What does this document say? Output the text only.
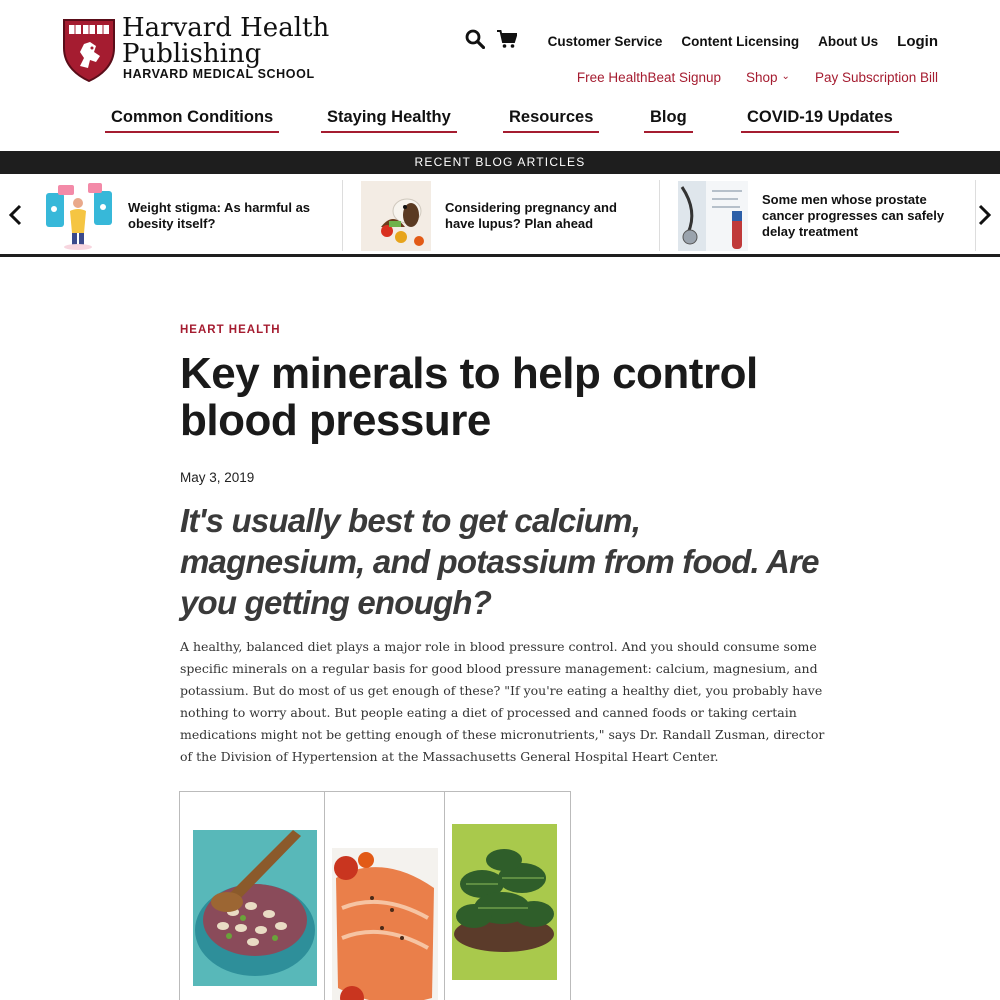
Harvard Health
Publishing
HARVARD MEDICAL SCHOOL
Customer Service Content Licensing About Us Login
Free HealthBeat Signup Shop ⌄ Pay Subscription Bill
Common Conditions	Staying Healthy	Resources	Blog	COVID-19 Updates
RECENT BLOG ARTICLES
Weight stigma: As harmful as obesity itself?
Considering pregnancy and have lupus? Plan ahead
Some men whose prostate cancer progresses can safely delay treatment
HEART HEALTH
Key minerals to help control blood pressure
May 3, 2019
It's usually best to get calcium, magnesium, and potassium from food. Are you getting enough?

A healthy, balanced diet plays a major role in blood pressure control. And you should consume some specific minerals on a regular basis for good blood pressure management: calcium, magnesium, and potassium. But do most of us get enough of these? "If you're eating a healthy diet, you probably have nothing to worry about. But people eating a diet of processed and canned foods or taking certain medications might not be getting enough of these micronutrients," says Dr. Randall Zusman, director of the Division of Hypertension at the Massachusetts General Hospital Heart Center.
